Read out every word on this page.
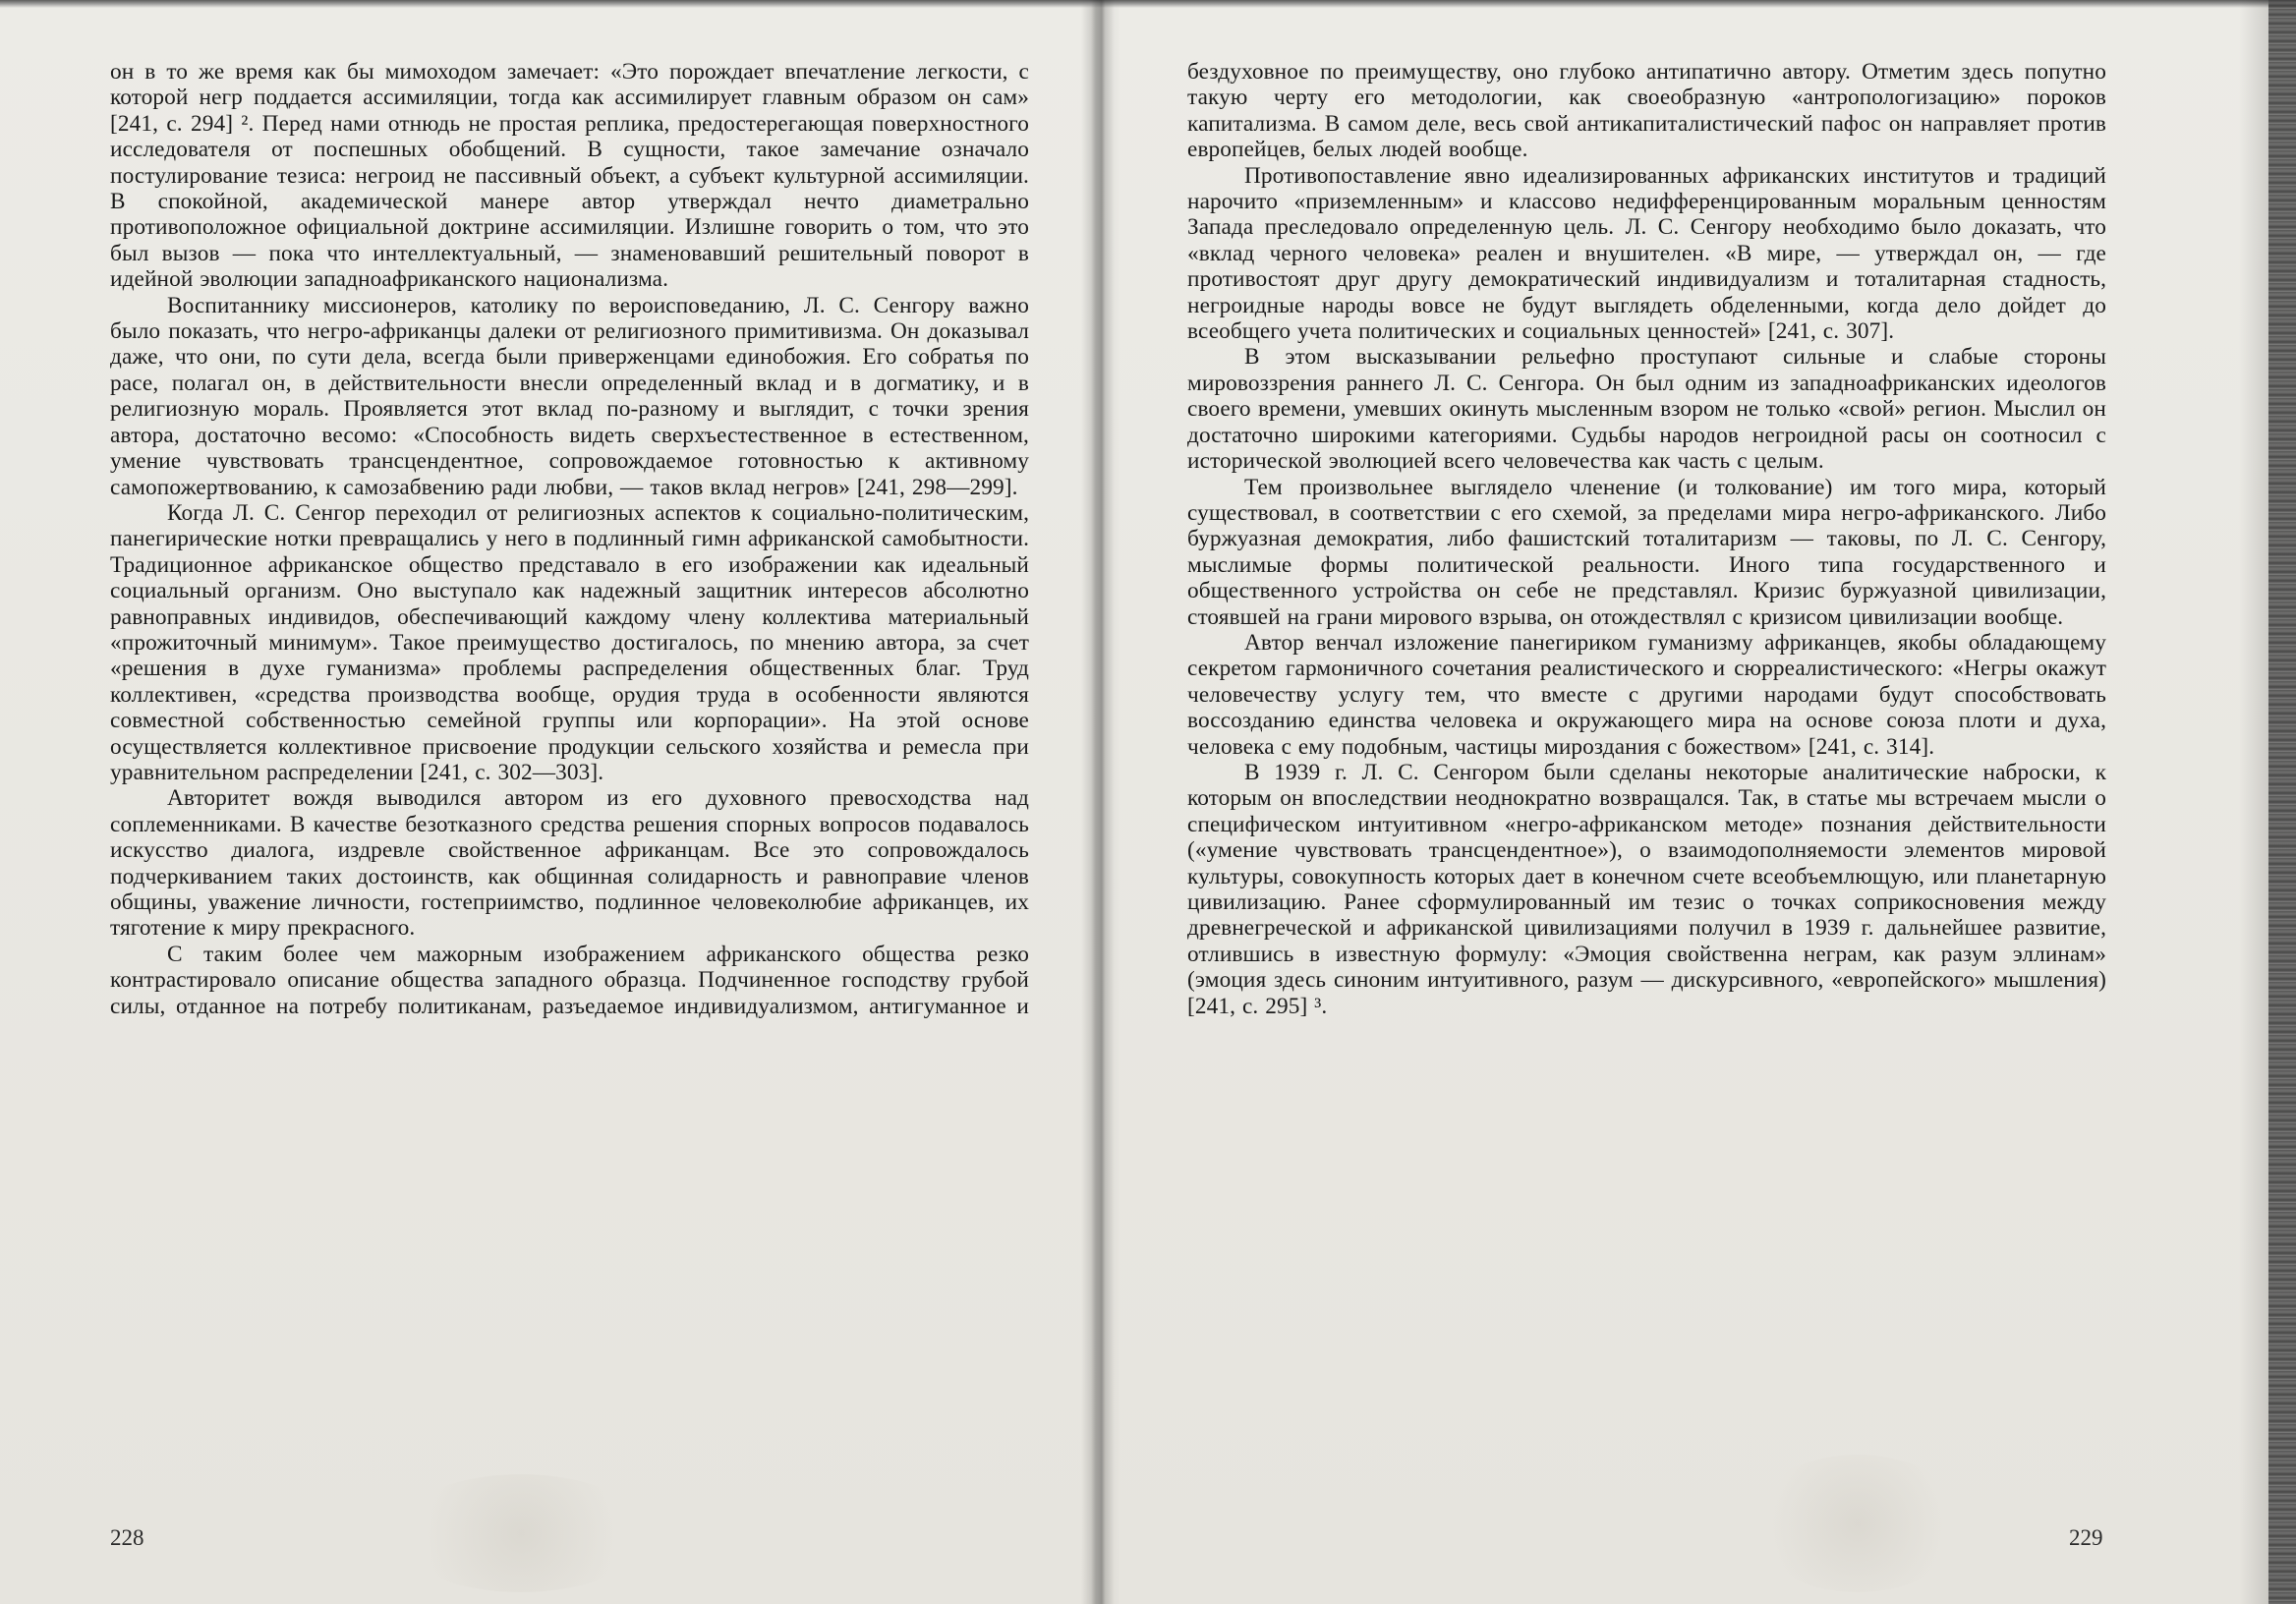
он в то же время как бы мимоходом замечает: «Это порождает впечатление легкости, с которой негр поддается ассимиляции, тогда как ассимилирует главным образом он сам» [241, с. 294] ². Перед нами отнюдь не простая реплика, предостерегающая поверхностного исследователя от поспешных обобщений. В сущности, такое замечание означало постулирование тезиса: негроид не пассивный объект, а субъект культурной ассимиляции. В спокойной, академической манере автор утверждал нечто диаметрально противоположное официальной доктрине ассимиляции. Излишне говорить о том, что это был вызов — пока что интеллектуальный, — знаменовавший решительный поворот в идейной эволюции западноафриканского национализма.

Воспитаннику миссионеров, католику по вероисповеданию, Л. С. Сенгору важно было показать, что негро-африканцы далеки от религиозного примитивизма. Он доказывал даже, что они, по сути дела, всегда были приверженцами единобожия. Его собратья по расе, полагал он, в действительности внесли определенный вклад и в догматику, и в религиозную мораль. Проявляется этот вклад по-разному и выглядит, с точки зрения автора, достаточно весомо: «Способность видеть сверхъестественное в естественном, умение чувствовать трансцендентное, сопровождаемое готовностью к активному самопожертвованию, к самозабвению ради любви, — таков вклад негров» [241, 298—299].

Когда Л. С. Сенгор переходил от религиозных аспектов к социально-политическим, панегирические нотки превращались у него в подлинный гимн африканской самобытности. Традиционное африканское общество представало в его изображении как идеальный социальный организм. Оно выступало как надежный защитник интересов абсолютно равноправных индивидов, обеспечивающий каждому члену коллектива материальный «прожиточный минимум». Такое преимущество достигалось, по мнению автора, за счет «решения в духе гуманизма» проблемы распределения общественных благ. Труд коллективен, «средства производства вообще, орудия труда в особенности являются совместной собственностью семейной группы или корпорации». На этой основе осуществляется коллективное присвоение продукции сельского хозяйства и ремесла при уравнительном распределении [241, с. 302—303].

Авторитет вождя выводился автором из его духовного превосходства над соплеменниками. В качестве безотказного средства решения спорных вопросов подавалось искусство диалога, издревле свойственное африканцам. Все это сопровождалось подчеркиванием таких достоинств, как общинная солидарность и равноправие членов общины, уважение личности, гостеприимство, подлинное человеколюбие африканцев, их тяготение к миру прекрасного.

С таким более чем мажорным изображением африканского общества резко контрастировало описание общества западного образца. Подчиненное господству грубой силы, отданное на потребу политиканам, разъедаемое индивидуализмом, антигуманное и

228

бездуховное по преимуществу, оно глубоко антипатично автору. Отметим здесь попутно такую черту его методологии, как своеобразную «антропологизацию» пороков капитализма. В самом деле, весь свой антикапиталистический пафос он направляет против европейцев, белых людей вообще.

Противопоставление явно идеализированных африканских институтов и традиций нарочито «приземленным» и классово недифференцированным моральным ценностям Запада преследовало определенную цель. Л. С. Сенгору необходимо было доказать, что «вклад черного человека» реален и внушителен. «В мире, — утверждал он, — где противостоят друг другу демократический индивидуализм и тоталитарная стадность, негроидные народы вовсе не будут выглядеть обделенными, когда дело дойдет до всеобщего учета политических и социальных ценностей» [241, с. 307].

В этом высказывании рельефно проступают сильные и слабые стороны мировоззрения раннего Л. С. Сенгора. Он был одним из западноафриканских идеологов своего времени, умевших окинуть мысленным взором не только «свой» регион. Мыслил он достаточно широкими категориями. Судьбы народов негроидной расы он соотносил с исторической эволюцией всего человечества как часть с целым.

Тем произвольнее выглядело членение (и толкование) им того мира, который существовал, в соответствии с его схемой, за пределами мира негро-африканского. Либо буржуазная демократия, либо фашистский тоталитаризм — таковы, по Л. С. Сенгору, мыслимые формы политической реальности. Иного типа государственного и общественного устройства он себе не представлял. Кризис буржуазной цивилизации, стоявшей на грани мирового взрыва, он отождествлял с кризисом цивилизации вообще.

Автор венчал изложение панегириком гуманизму африканцев, якобы обладающему секретом гармоничного сочетания реалистического и сюрреалистического: «Негры окажут человечеству услугу тем, что вместе с другими народами будут способствовать воссозданию единства человека и окружающего мира на основе союза плоти и духа, человека с ему подобным, частицы мироздания с божеством» [241, с. 314].

В 1939 г. Л. С. Сенгором были сделаны некоторые аналитические наброски, к которым он впоследствии неоднократно возвращался. Так, в статье мы встречаем мысли о специфическом интуитивном «негро-африканском методе» познания действительности («умение чувствовать трансцендентное»), о взаимодополняемости элементов мировой культуры, совокупность которых дает в конечном счете всеобъемлющую, или планетарную цивилизацию. Ранее сформулированный им тезис о точках соприкосновения между древнегреческой и африканской цивилизациями получил в 1939 г. дальнейшее развитие, отлившись в известную формулу: «Эмоция свойственна неграм, как разум эллинам» (эмоция здесь синоним интуитивного, разум — дискурсивного, «европейского» мышления) [241, с. 295] ³.

229
